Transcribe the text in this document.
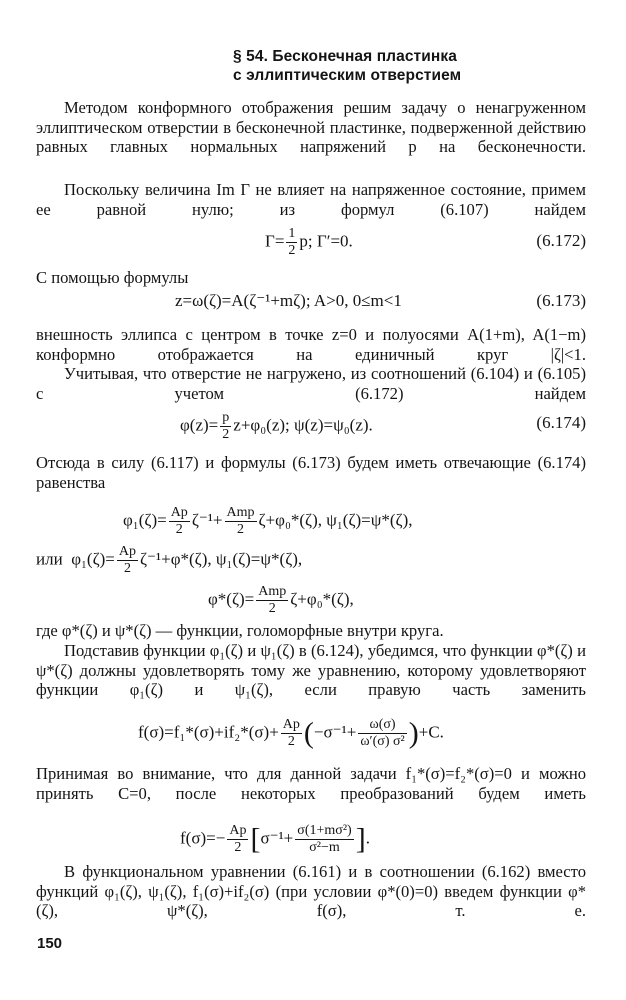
§ 54. Бесконечная пластинка
с эллиптическим отверстием
Методом конформного отображения решим задачу о ненагруженном эллиптическом отверстии в бесконечной пластинке, подверженной действию равных главных нормальных напряжений p на бесконечности.
Поскольку величина Im Γ не влияет на напряженное состояние, примем ее равной нулю; из формул (6.107) найдем
$\Gamma= \frac{1}{2} p$; Γ′=0.	(6.172)
С помощью формулы
z=ω(ζ)=A(ζ⁻¹+mζ); A>0, 0≤m<1	(6.173)
внешность эллипса с центром в точке z=0 и полуосями A(1+m), A(1−m) конформно отображается на единичный круг |ζ|<1.
Учитывая, что отверстие не нагружено, из соотношений (6.104) и (6.105) с учетом (6.172) найдем
$\varphi(z)= \frac{p}{2} z+\varphi_0(z)$; ψ(z)=ψ₀(z).	(6.174)
Отсюда в силу (6.117) и формулы (6.173) будем иметь отвечающие (6.174) равенства
$\varphi_1(\zeta)= \frac{Ap}{2} \zeta^{-1}+ \frac{\text{Amp}}{2} \zeta+\varphi_0*(\zeta)$, ψ₁(ζ)=ψ*(ζ),
или $\varphi_1(\zeta)= \frac{Ap}{2} \zeta^{-1}+\varphi*(\zeta)$, ψ₁(ζ)=ψ*(ζ),
$\varphi*(\zeta)= \frac{\text{Amp}}{2} \zeta+\varphi_0*(\zeta)$,
где φ*(ζ) и ψ*(ζ) — функции, голоморфные внутри круга.
Подставив функции φ₁(ζ) и ψ₁(ζ) в (6.124), убедимся, что функции φ*(ζ) и ψ*(ζ) должны удовлетворять тому же уравнению, которому удовлетворяют функции φ₁(ζ) и ψ₁(ζ), если правую часть заменить
$f(\sigma)=f_1*(\sigma)+if_2*(\sigma)+ \frac{Ap}{2} (-\sigma^{-1}+ \frac{\omega(\sigma)}{\text{ω′(σ) σ²}} )+C$.
Принимая во внимание, что для данной задачи f₁*(σ)=f₂*(σ)=0 и можно принять C=0, после некоторых преобразований будем иметь
$f(\sigma)=- \frac{Ap}{2} [\sigma^{-1}+ \frac{\text{σ(1+mσ²)}}{\text{σ²−m}}$ ].
В функциональном уравнении (6.161) и в соотношении (6.162) вместо функций φ₁(ζ), ψ₁(ζ), f₁(σ)+if₂(σ) (при условии φ*(0)=0) введем функции φ*(ζ), ψ*(ζ), f(σ), т. е.
150
